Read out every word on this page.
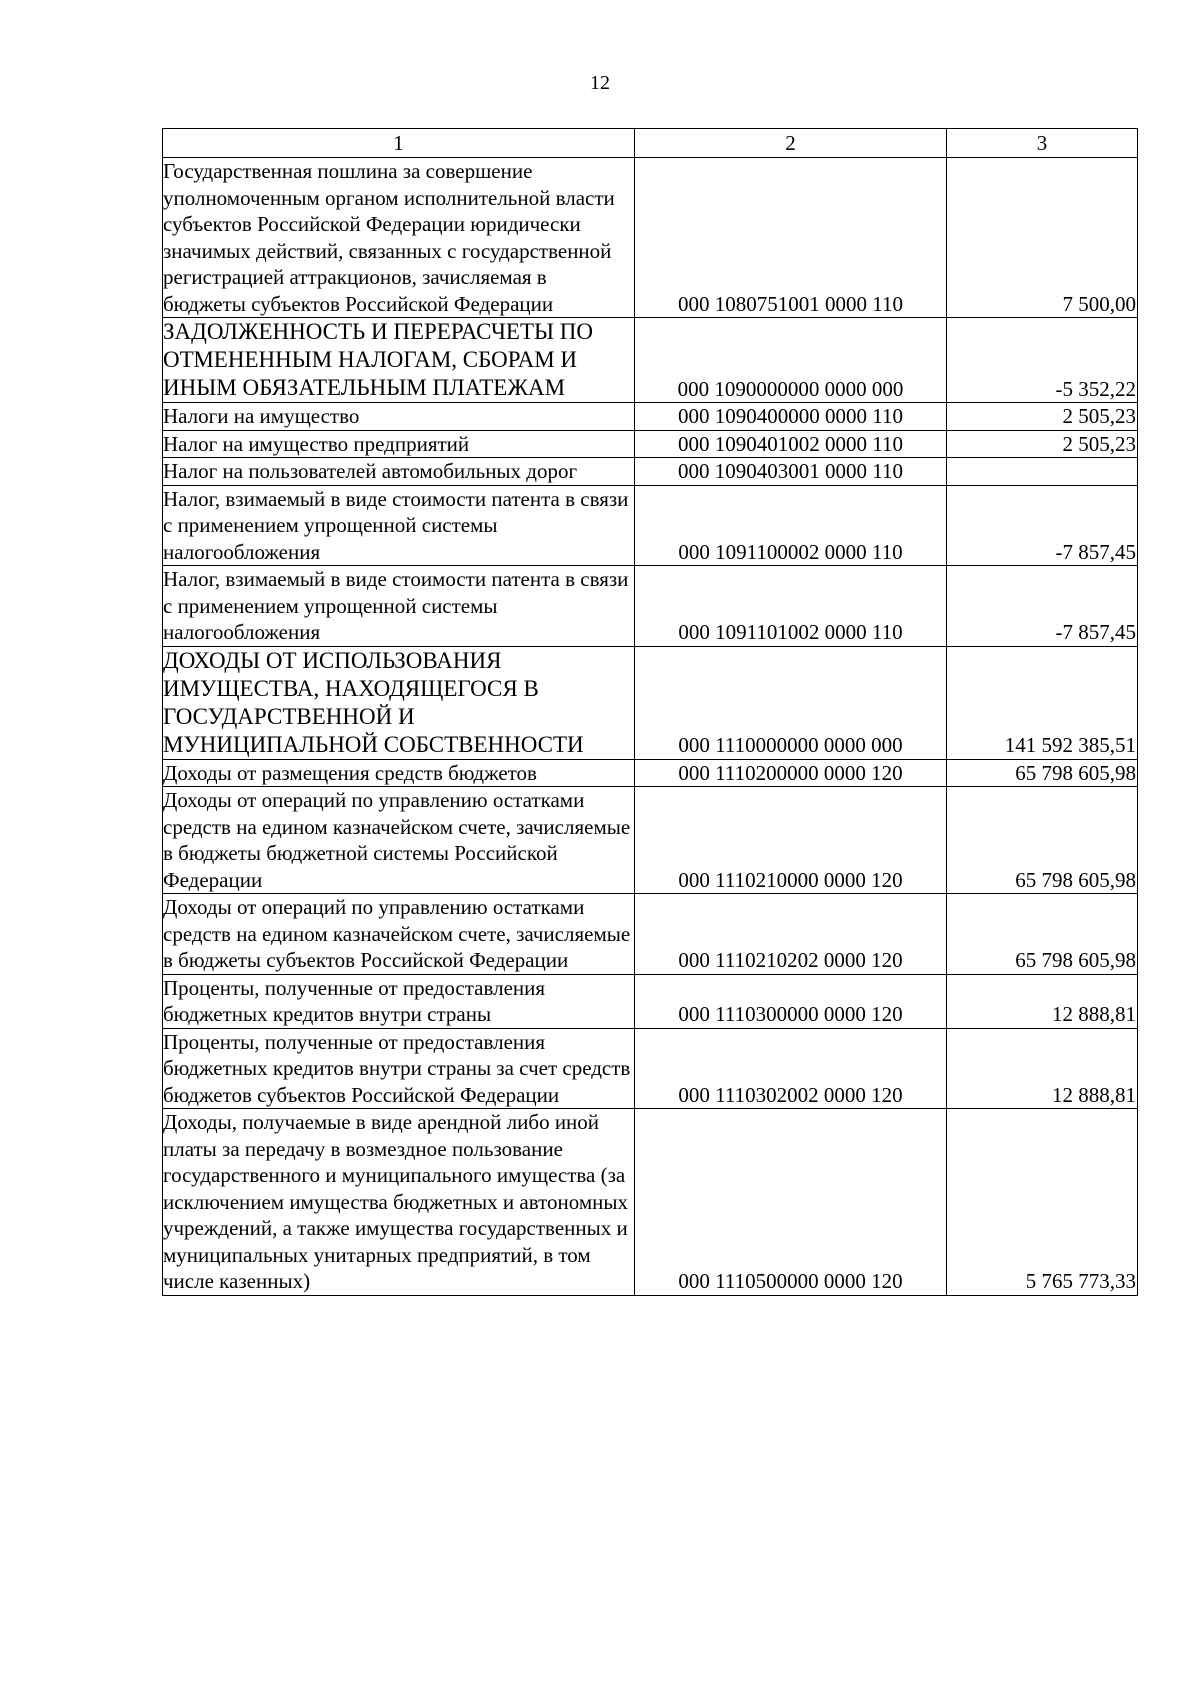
12
1	2	3
Государственная пошлина за совершение уполномоченным органом исполнительной власти субъектов Российской Федерации юридически значимых действий, связанных с государственной регистрацией аттракционов, зачисляемая в бюджеты субъектов Российской Федерации	000 1080751001 0000 110	7 500,00
ЗАДОЛЖЕННОСТЬ И ПЕРЕРАСЧЕТЫ ПО ОТМЕНЕННЫМ НАЛОГАМ, СБОРАМ И ИНЫМ ОБЯЗАТЕЛЬНЫМ ПЛАТЕЖАМ	000 1090000000 0000 000	-5 352,22
Налоги на имущество	000 1090400000 0000 110	2 505,23
Налог на имущество предприятий	000 1090401002 0000 110	2 505,23
Налог на пользователей автомобильных дорог	000 1090403001 0000 110	
Налог, взимаемый в виде стоимости патента в связи с применением упрощенной системы налогообложения	000 1091100002 0000 110	-7 857,45
Налог, взимаемый в виде стоимости патента в связи с применением упрощенной системы налогообложения	000 1091101002 0000 110	-7 857,45
ДОХОДЫ ОТ ИСПОЛЬЗОВАНИЯ ИМУЩЕСТВА, НАХОДЯЩЕГОСЯ В ГОСУДАРСТВЕННОЙ И МУНИЦИПАЛЬНОЙ СОБСТВЕННОСТИ	000 1110000000 0000 000	141 592 385,51
Доходы от размещения средств бюджетов	000 1110200000 0000 120	65 798 605,98
Доходы от операций по управлению остатками средств на едином казначейском счете, зачисляемые в бюджеты бюджетной системы Российской Федерации	000 1110210000 0000 120	65 798 605,98
Доходы от операций по управлению остатками средств на едином казначейском счете, зачисляемые в бюджеты субъектов Российской Федерации	000 1110210202 0000 120	65 798 605,98
Проценты, полученные от предоставления бюджетных кредитов внутри страны	000 1110300000 0000 120	12 888,81
Проценты, полученные от предоставления бюджетных кредитов внутри страны за счет средств бюджетов субъектов Российской Федерации	000 1110302002 0000 120	12 888,81
Доходы, получаемые в виде арендной либо иной платы за передачу в возмездное пользование государственного и муниципального имущества (за исключением имущества бюджетных и автономных учреждений, а также имущества государственных и муниципальных унитарных предприятий, в том числе казенных)	000 1110500000 0000 120	5 765 773,33
